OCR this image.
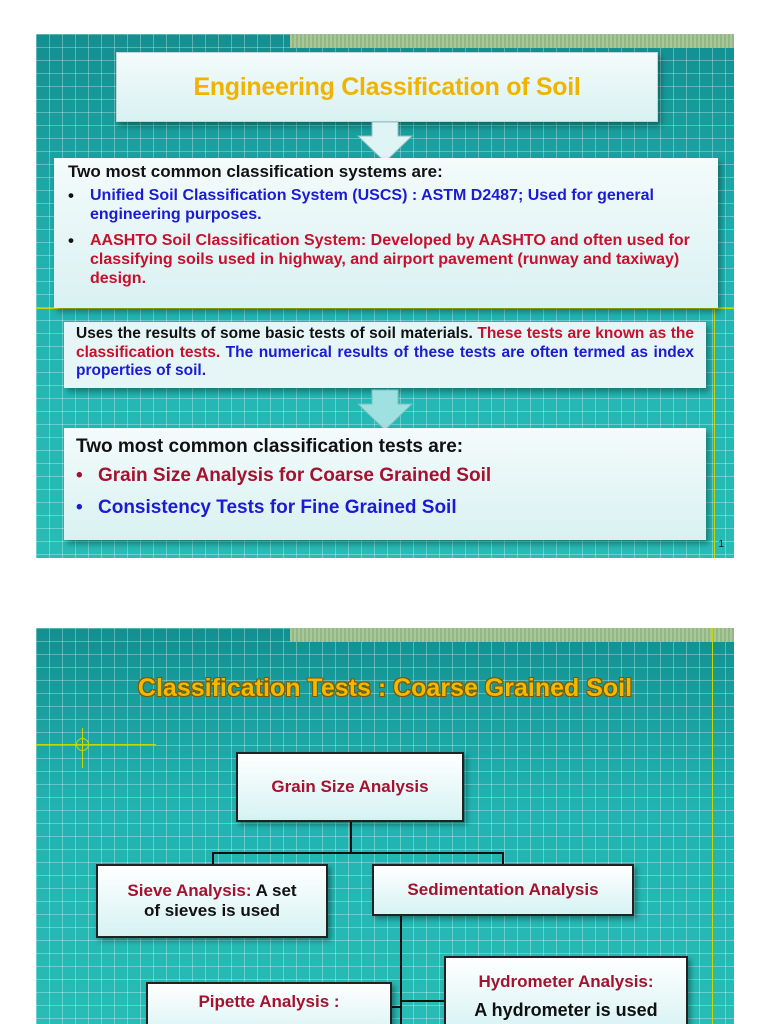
Engineering Classification of Soil
Two most common classification systems are:
•	Unified Soil Classification System (USCS) : ASTM D2487; Used for general engineering purposes.
•	AASHTO Soil Classification System: Developed by AASHTO and often used for classifying soils used in highway, and airport pavement (runway and taxiway) design.
Uses the results of some basic tests of soil materials. These tests are known as the classification tests. The numerical results of these tests are often termed as index properties of soil.
Two most common classification tests are:
• Grain Size Analysis for Coarse Grained Soil
• Consistency Tests for Fine Grained Soil
1
Classification Tests : Coarse Grained Soil
Grain Size Analysis
Sieve Analysis: A set
of sieves is used
Sedimentation Analysis
Hydrometer Analysis:
A hydrometer is used
Pipette Analysis :
